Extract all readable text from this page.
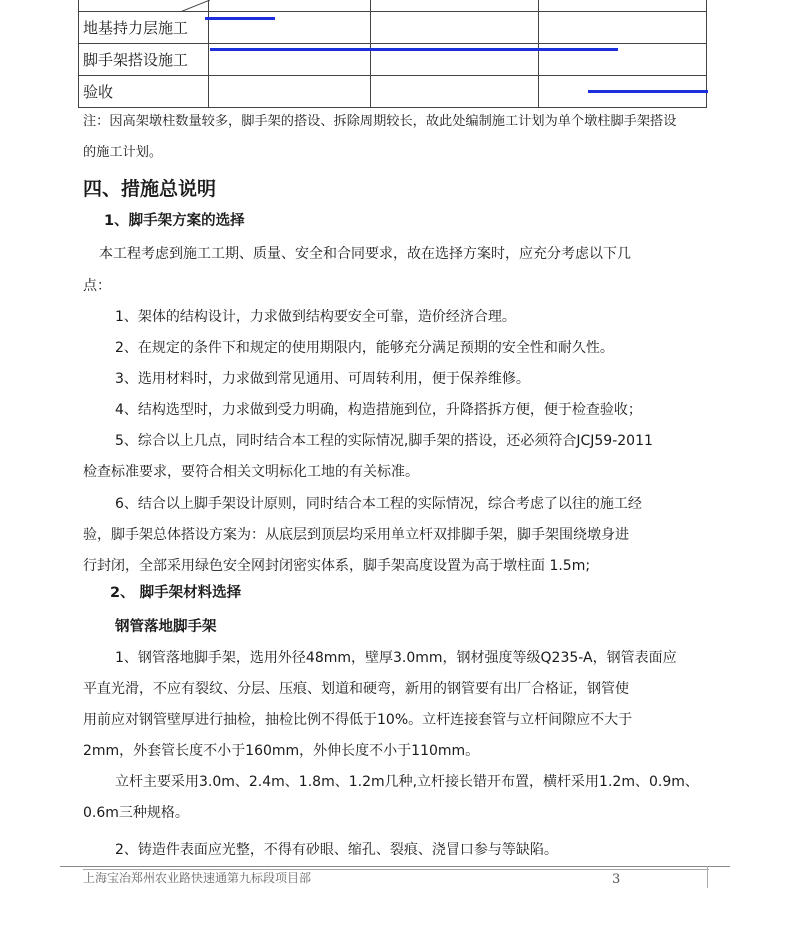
地基持力层施工			
脚手架搭设施工			
验收			
注：因高架墩柱数量较多，脚手架的搭设、拆除周期较长，故此处编制施工计划为单个墩柱脚手架搭设
的施工计划。
四、措施总说明
1、脚手架方案的选择
本工程考虑到施工工期、质量、安全和合同要求，故在选择方案时，应充分考虑以下几
点：
1、架体的结构设计，力求做到结构要安全可靠，造价经济合理。
2、在规定的条件下和规定的使用期限内，能够充分满足预期的安全性和耐久性。
3、选用材料时，力求做到常见通用、可周转利用，便于保养维修。
4、结构选型时，力求做到受力明确，构造措施到位，升降搭拆方便，便于检查验收；
5、综合以上几点，同时结合本工程的实际情况,脚手架的搭设，还必须符合JCJ59-2011
检查标准要求，要符合相关文明标化工地的有关标准。
6、结合以上脚手架设计原则，同时结合本工程的实际情况，综合考虑了以往的施工经
验，脚手架总体搭设方案为：从底层到顶层均采用单立杆双排脚手架，脚手架围绕墩身进
行封闭，全部采用绿色安全网封闭密实体系，脚手架高度设置为高于墩柱面 1.5m;
2、 脚手架材料选择
钢管落地脚手架
1、钢管落地脚手架，选用外径48mm，壁厚3.0mm，钢材强度等级Q235-A，钢管表面应
平直光滑，不应有裂纹、分层、压痕、划道和硬弯，新用的钢管要有出厂合格证，钢管使
用前应对钢管壁厚进行抽检，抽检比例不得低于10%。立杆连接套管与立杆间隙应不大于
2mm，外套管长度不小于160mm，外伸长度不小于110mm。
立杆主要采用3.0m、2.4m、1.8m、1.2m几种,立杆接长错开布置，横杆采用1.2m、0.9m、
0.6m三种规格。
2、铸造件表面应光整，不得有砂眼、缩孔、裂痕、浇冒口参与等缺陷。
上海宝冶郑州农业路快速通第九标段项目部	3
